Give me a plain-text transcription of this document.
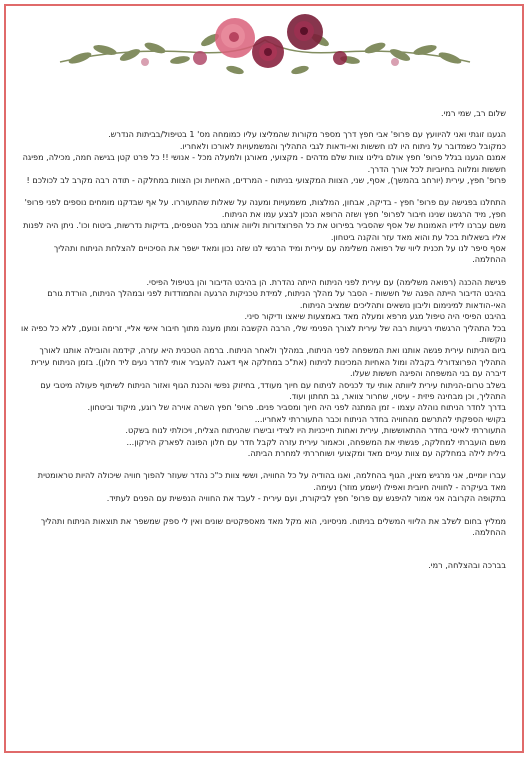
שלום רב, שמי רמי.

הגענו זוגתי ואני להיוועץ עם פרופ' אבי חפץ דרך מספר מקורות שהמליצו עליו כמומחה מס' 1 בטיפול/בביתות הנדרש.

כמקובל כשמדובר על ניתוח היו לנו חששות ואי-ודאות לגבי התהליך והמשמעויות לאורכו ולאחריו.

אמנם הגענו בגלל פרופ' חפץ אולם גילינו צוות שלם מדהים - מקצועי, מאורגן ולמעלה מכל - אנושי !! כל פרט קטן בגישה חמה, מכילה, מפיגה חששות ומלווה בחיוביות לכל אורך הדרך.

פרופ' חפץ, עירית (יורחב בהמשך), אסף, שני, הצוות המקצועי בניתוח - המרדים, האחיות וכן הצוות במחלקה - תודה רבה מקרב לב לכולכם !

התחלנו בפגישה עם פרופ' חפץ - בדיקה, אבחון, המלצות, משמעויות ומענה על שאלות שהתעוררו. על אף שבדקנו מומחים נוספים לפני פרופ' חפץ, מיד הרגשנו שנינו חיבור לפרופ' חפץ ושזה הרופא הנכון לבצע עמו את הניתוח.

משם עברנו לידיו האמונות של אסף שהסביר בפירוט את כל הפרוצדורות וליווה אותנו בכל הטפסים, בדיקות נדרשות, ביטוח וכו'. ניתן היה לפנות אליו בשאלות בכל עת והוא מאד עזר והקנה ביטחון.

אסף סיפר לנו על תכנית ליווי של רפואה משלימה עם עירית ומיד הרגשי לנו שזה נכון ומאד ישפר את הסיכויים להצלחת הניתוח ותהליך ההחלמה.

פגישת ההכנה (רפואה משלימה) עם עירית לפני הניתוח הייתה נהדרת. הן בהיבט הדיבור והן בטיפול הפיסי.

בהיבט הדיבור הייתה הפגה של חששות - הסבר על מהלך הניתוח, למידת טכניקות הרגעה והתמודדות לפני ובמהלך הניתוח, הורדת גורם האי-הודאות למינימום וליבון נושאים ותהליכים שמציב הניתוח.

בהיבט הפיסי היה טיפול מגע מרפא ומעלה מאד באמצעות שיאצו ודיקור סיני.

בכל התהליך הרגשתי רגיעות רבה של עירית לצורך הפנימי שלי, הרבה הקשבה ומתן מענה מתוך חיבור אישי אליי, זרימה ונועם, ללא כל כפיה או נוקשות.

ביום הניתוח עירית פגשה אותנו ואת המשפחה לפני הניתוח, במהלך ולאחר הניתוח. ברמה הטכנית היא עזרה, קידמה והובילה אותנו לאורך התהליך הפרוצדורלי בקבלה ומול האחיות המכינות לניתוח (את"כ במחלקה אף דאגה להעביר אותי לחדר נעים ליד חלון). בזמן הניתוח עירית דיברה עם בני המשפחה והפיגה חששות שעלו.

בשלב טרום-הניתוח עירית ליוותה אותי עד לכניסה לניתוח עם חיוך מעודד, בחיזוק נפשי והכנת הגוף ואזור הניתוח לשיתוף פעולה מיטבי עם התהליך, וכן מבחינה פיזית - עיסוי, שחרור צוואר, גב תחתון ועוד.

בדרך לחדר הניתוח נוהלה עצמו - זמן המתנה לפני היה חיוך ומסביר פנים. פרופ' חפץ השרה אוירה של רוגע, מיקוד וביטחון.

בקושי הספקתי להתרשם מהחוויה בחדר הניתוח וכבר התעוררתי לאחריו...

התעוררתי לאיטי בחדר ההתאוששות, עירית ואחות חייכניות היו לצידי ובישרו שהניתוח הצליח, ויכולתי לנוח בשקט.

משם הועברתי למחלקה, פגשתי את המשפחה, וכאמור עירית עזרה לקבל חדר עם חלון הפונה לפארק הירקון...

בילית לילה במחלקה עם צוות עניים מאד ומקצועי ושוחררתי למחרת הביתה.

עברו יומיים, אני מרגיש מצוין, הגוף בהחלמה, ואנו בהודיה על כל החוויה, וששי צוות כ"כ נהדר שעוזר להפוך חוויה שיכולה להיות טראומטית מאד בעיקרה - לחוויה חיובית ואפילו (ישמע מוזר) נעימה.

בתקופה הקרובה אני אמור להיפגש עם פרופ' חפץ לביקורת, ועם עירית - לעבד את החוויה הנפשית עם הפנים לעתיד.

ממליץ בחום לשלב את הליווי המשלים בניתוח. מניסיוני, הוא מקל מאד מאספקטים שונים ואין לי ספק שמשפר את תוצאות הניתוח ותהליך ההחלמה.

בברכה ובהצלחה, רמי.
